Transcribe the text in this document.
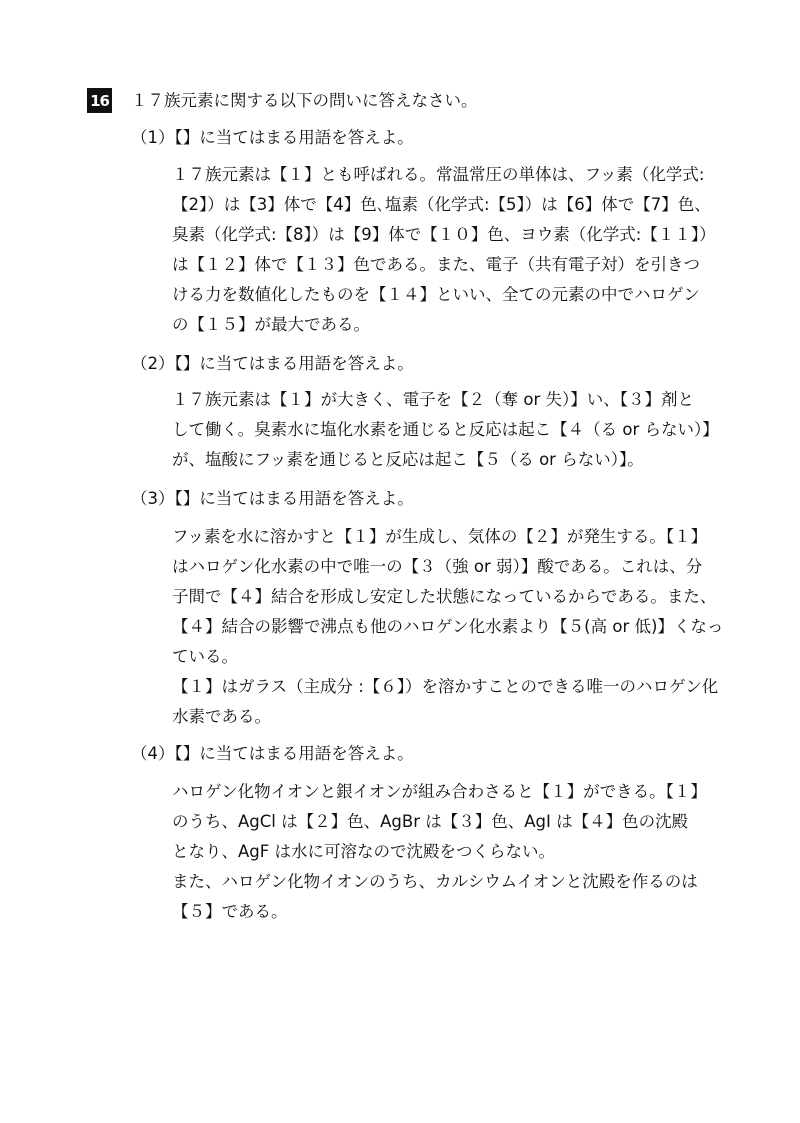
16 １７族元素に関する以下の問いに答えなさい。
（1）【】に当てはまる用語を答えよ。
１７族元素は【１】とも呼ばれる。常温常圧の単体は、フッ素（化学式:
【2】）は【3】体で【4】色､塩素（化学式:【5】）は【6】体で【7】色、
臭素（化学式:【8】）は【9】体で【１０】色、ヨウ素（化学式:【１１】）
は【１２】体で【１３】色である。また、電子（共有電子対）を引きつ
ける力を数値化したものを【１４】といい、全ての元素の中でハロゲン
の【１５】が最大である。
（2）【】に当てはまる用語を答えよ。
１７族元素は【１】が大きく、電子を【２（奪 or 失）】い、【３】剤と
して働く。臭素水に塩化水素を通じると反応は起こ【４（る or らない）】
が、塩酸にフッ素を通じると反応は起こ【５（る or らない）】。
（3）【】に当てはまる用語を答えよ。
フッ素を水に溶かすと【１】が生成し、気体の【２】が発生する。【１】
はハロゲン化水素の中で唯一の【３（強 or 弱）】酸である。これは、分
子間で【４】結合を形成し安定した状態になっているからである。また、
【４】結合の影響で沸点も他のハロゲン化水素より【５(高 or 低)】くなっ
ている。
【１】はガラス（主成分 :【６】）を溶かすことのできる唯一のハロゲン化
水素である。
（4）【】に当てはまる用語を答えよ。
ハロゲン化物イオンと銀イオンが組み合わさると【１】ができる。【１】
のうち、AgCl は【２】色、AgBr は【３】色、AgI は【４】色の沈殿
となり、AgF は水に可溶なので沈殿をつくらない。
また、ハロゲン化物イオンのうち、カルシウムイオンと沈殿を作るのは
【５】である。
